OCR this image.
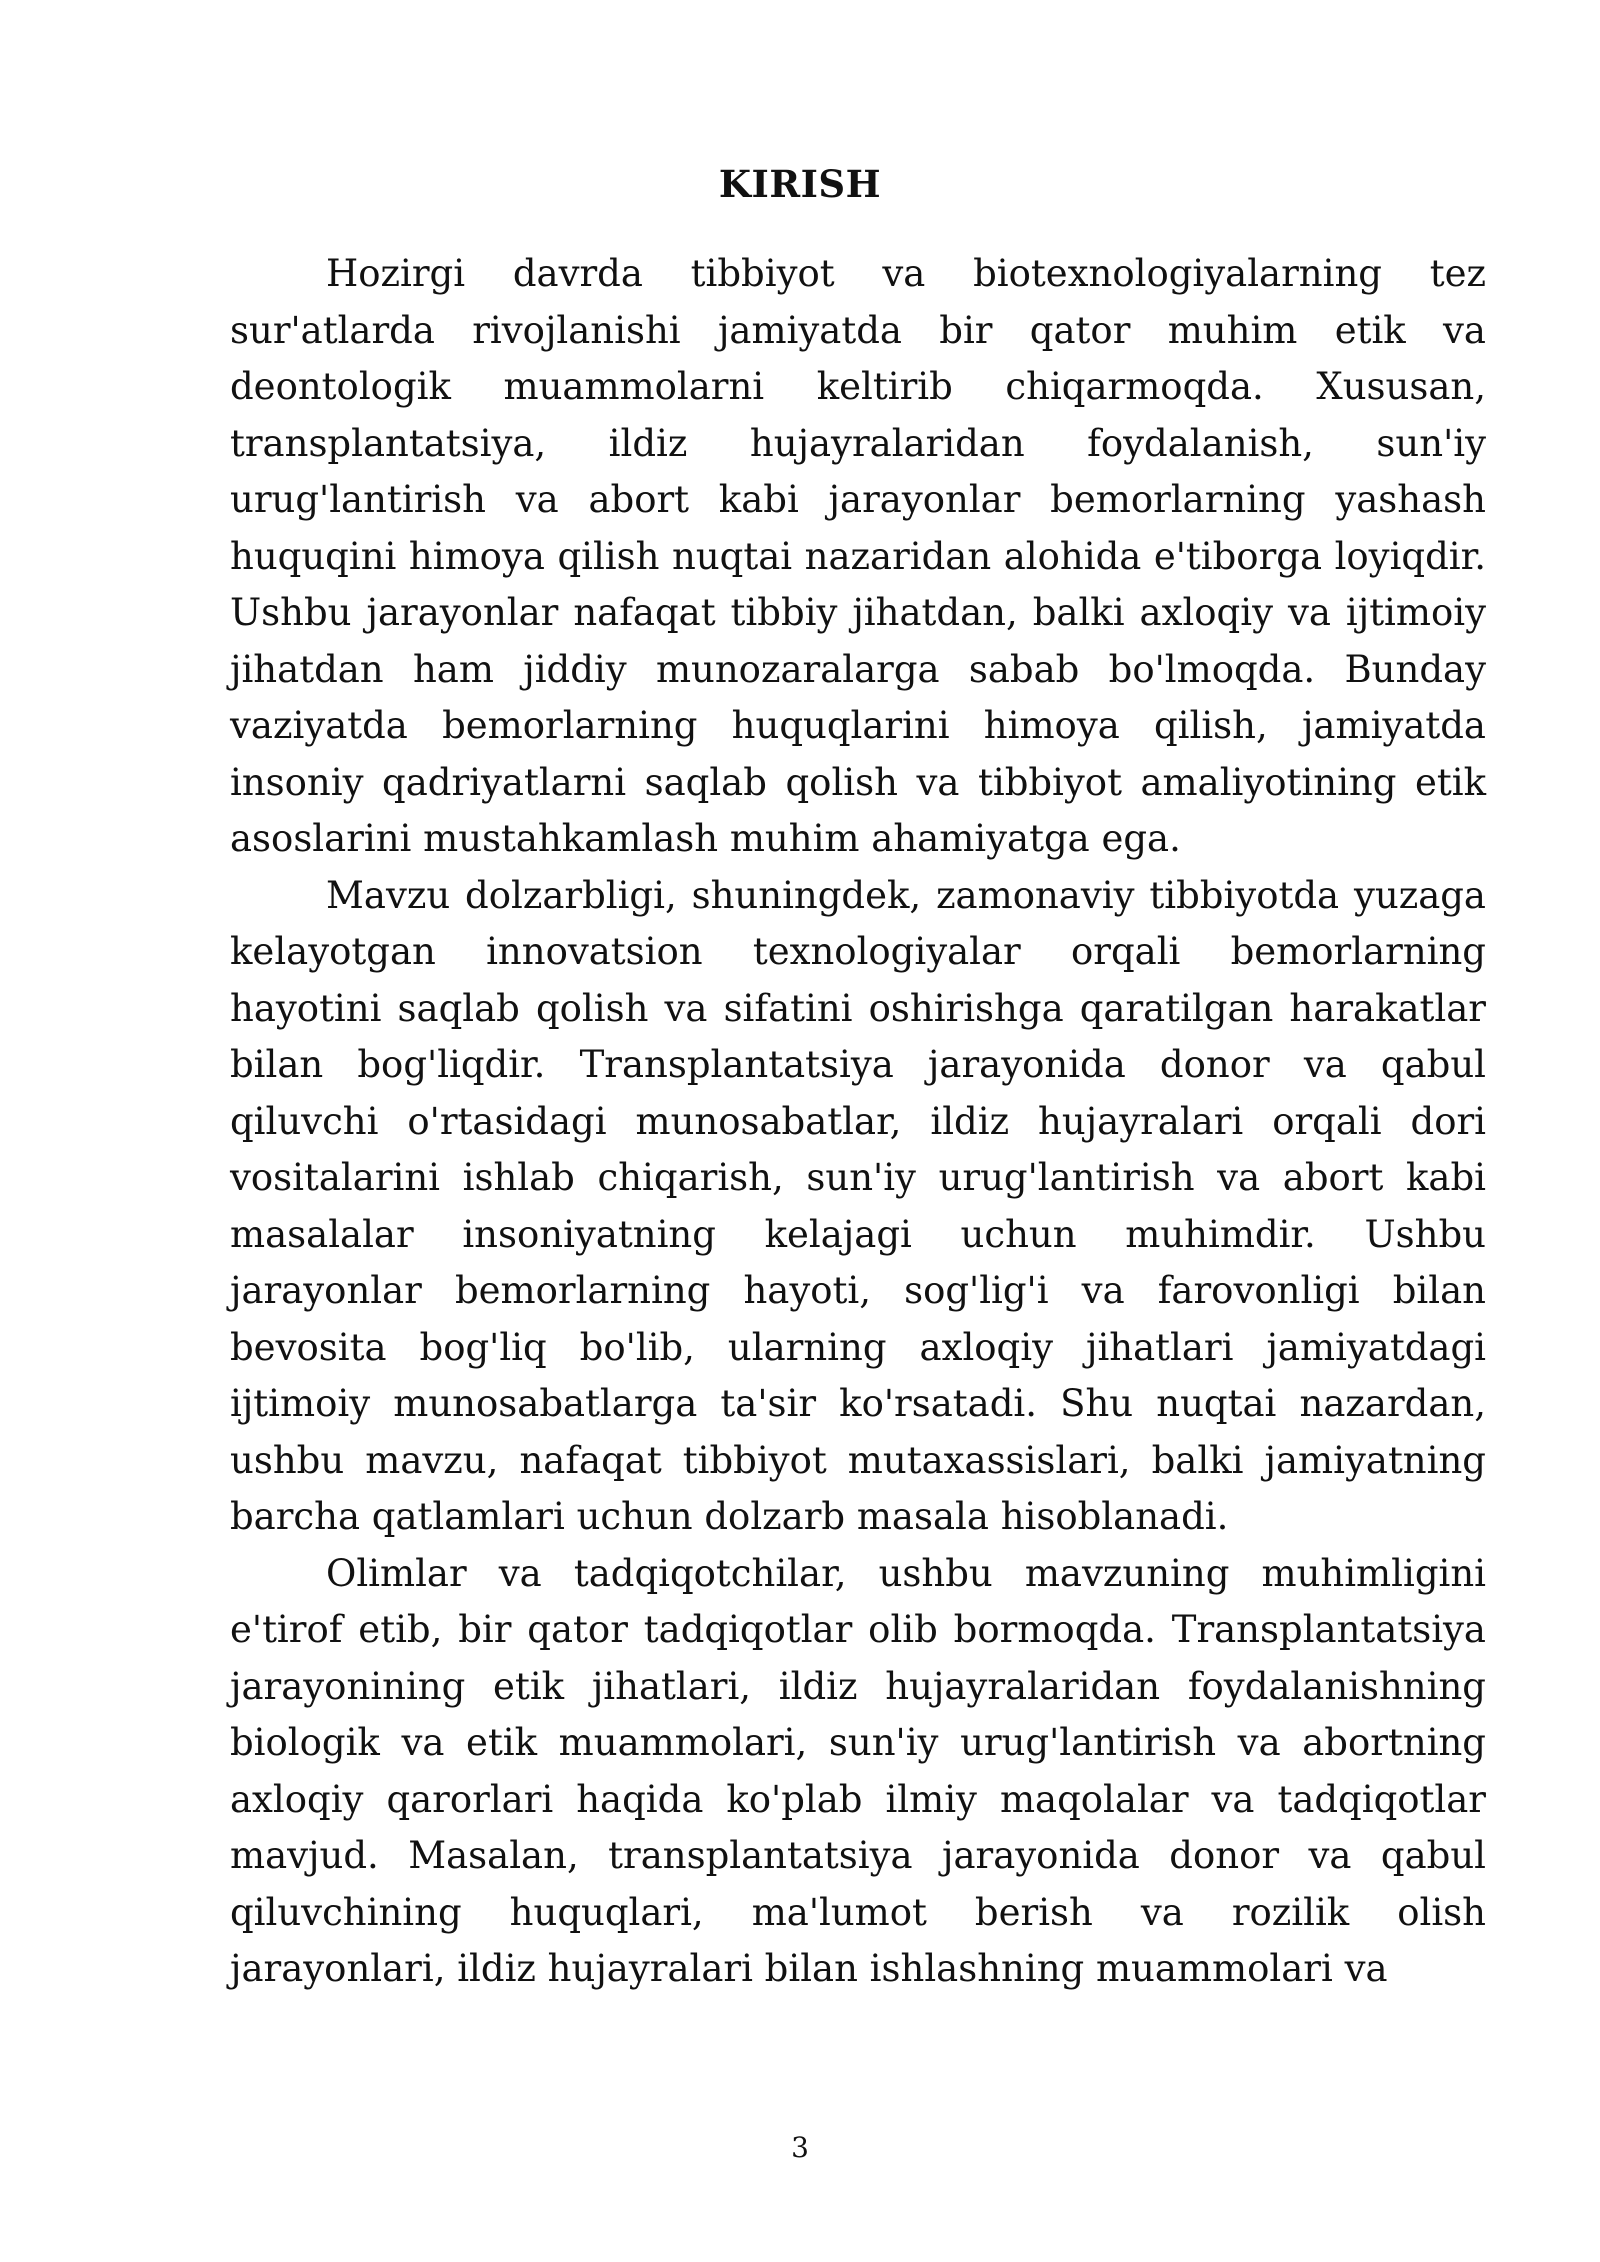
KIRISH

Hozirgi davrda tibbiyot va biotexnologiyalarning tez sur'atlarda rivojlanishi jamiyatda bir qator muhim etik va deontologik muammolarni keltirib chiqarmoqda. Xususan, transplantatsiya, ildiz hujayralaridan foydalanish, sun'iy urug'lantirish va abort kabi jarayonlar bemorlarning yashash huquqini himoya qilish nuqtai nazaridan alohida e'tiborga loyiqdir. Ushbu jarayonlar nafaqat tibbiy jihatdan, balki axloqiy va ijtimoiy jihatdan ham jiddiy munozaralarga sabab bo'lmoqda. Bunday vaziyatda bemorlarning huquqlarini himoya qilish, jamiyatda insoniy qadriyatlarni saqlab qolish va tibbiyot amaliyotining etik asoslarini mustahkamlash muhim ahamiyatga ega.

Mavzu dolzarbligi, shuningdek, zamonaviy tibbiyotda yuzaga kelayotgan innovatsion texnologiyalar orqali bemorlarning hayotini saqlab qolish va sifatini oshirishga qaratilgan harakatlar bilan bog'liqdir. Transplantatsiya jarayonida donor va qabul qiluvchi o'rtasidagi munosabatlar, ildiz hujayralari orqali dori vositalarini ishlab chiqarish, sun'iy urug'lantirish va abort kabi masalalar insoniyatning kelajagi uchun muhimdir. Ushbu jarayonlar bemorlarning hayoti, sog'lig'i va farovonligi bilan bevosita bog'liq bo'lib, ularning axloqiy jihatlari jamiyatdagi ijtimoiy munosabatlarga ta'sir ko'rsatadi. Shu nuqtai nazardan, ushbu mavzu, nafaqat tibbiyot mutaxassislari, balki jamiyatning barcha qatlamlari uchun dolzarb masala hisoblanadi.

Olimlar va tadqiqotchilar, ushbu mavzuning muhimligini e'tirof etib, bir qator tadqiqotlar olib bormoqda. Transplantatsiya jarayonining etik jihatlari, ildiz hujayralaridan foydalanishning biologik va etik muammolari, sun'iy urug'lantirish va abortning axloqiy qarorlari haqida ko'plab ilmiy maqolalar va tadqiqotlar mavjud. Masalan, transplantatsiya jarayonida donor va qabul qiluvchining huquqlari, ma'lumot berish va rozilik olish jarayonlari, ildiz hujayralari bilan ishlashning muammolari va

3
